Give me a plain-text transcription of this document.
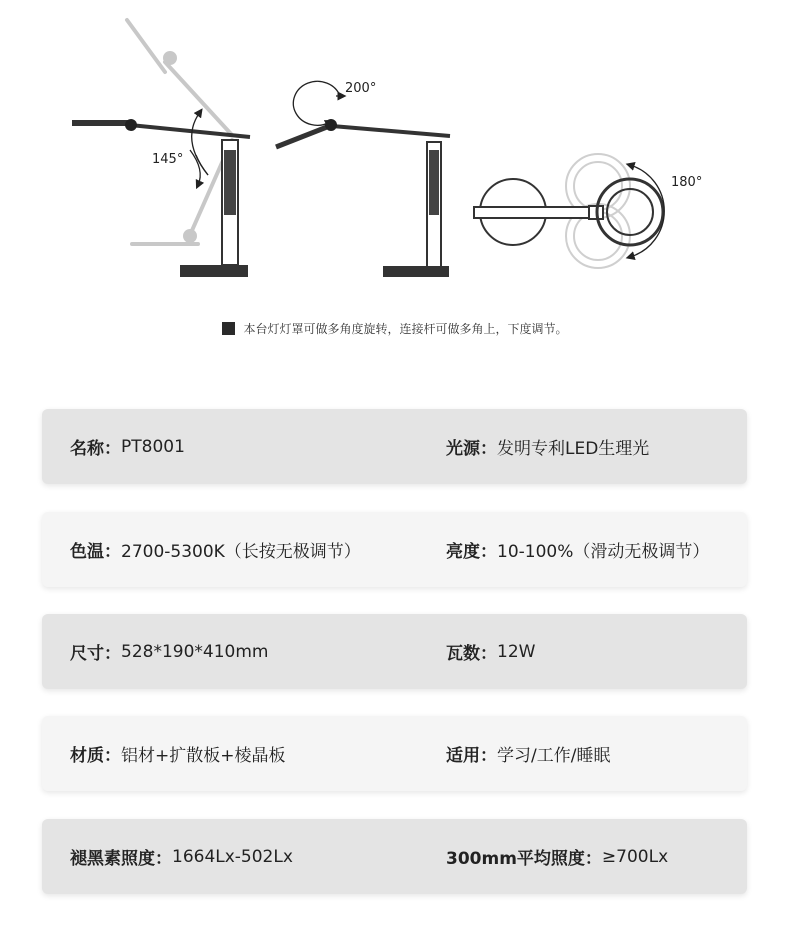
145°
200°
180°
本台灯灯罩可做多角度旋转，连接杆可做多角上，下度调节。
名称： PT8001	光源： 发明专利LED生理光
色温： 2700-5300K（长按无极调节）	亮度： 10-100%（滑动无极调节）
尺寸： 528*190*410mm	瓦数： 12W
材质： 铝材+扩散板+棱晶板	适用： 学习/工作/睡眠
褪黑素照度： 1664Lx-502Lx	300mm平均照度： ≥700Lx
